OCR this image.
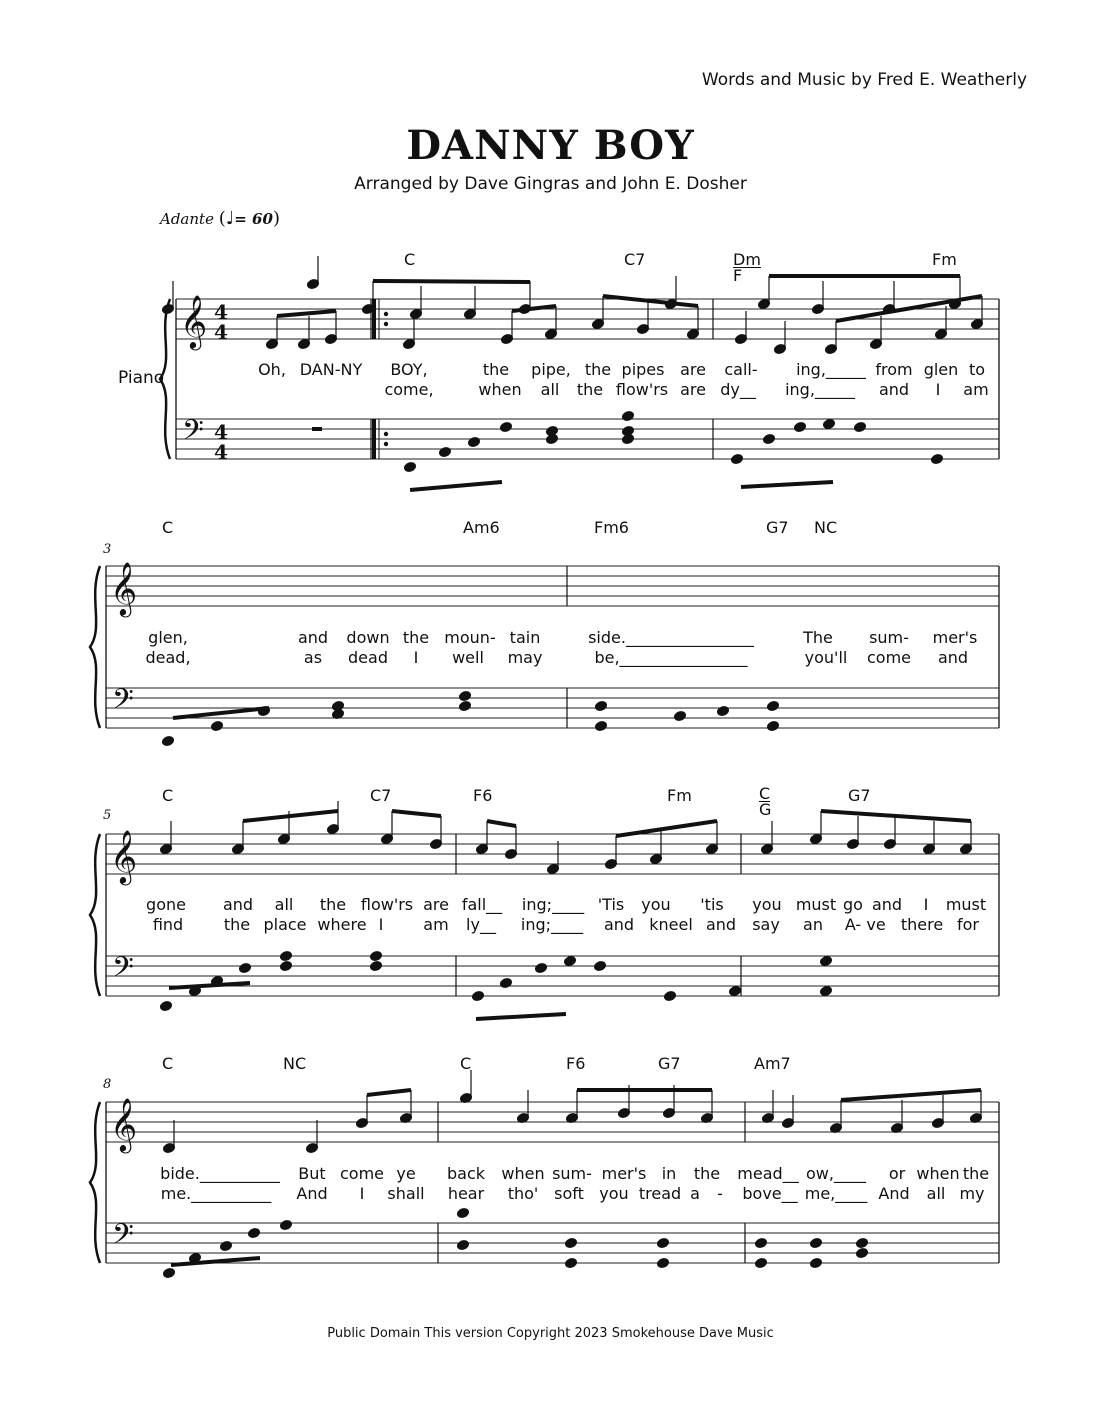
Words and Music by Fred E. Weatherly
DANNY BOY
Arranged by Dave Gingras and John E. Dosher
Adante (♩= 60)
𝄞
𝄢
4
4
4
4
𝄞
𝄢
𝄞
𝄢
𝄞
𝄢
Piano
3
5
8
C	C7	Dm
F
Fm
C	Am6	Fm6	G7 NC
C	C7	F6	Fm	C
G
G7
C	NC	C	F6	G7	Am7
Oh, DAN-NY BOY,	the pipe, the pipes are call- ing,_____ from glen to
come,	when all the flow'rs are dy__ ing,_____ and I am
glen,	and down the moun- tain	side.________________	The sum- mer's
dead,	as dead I well may	be,________________	you'll come and
gone and all the flow'rs are fall__ ing;____ 'Tis you 'tis you must go and I must
find	the place where I am ly__ ing;____ and kneel and say an A- ve there for
bide.__________ But come ye back when sum- mer's in the mead__ ow,____ or when the
me.__________ And I shall hear tho' soft you tread a - bove__ me,____ And all my
Public Domain This version Copyright 2023 Smokehouse Dave Music
